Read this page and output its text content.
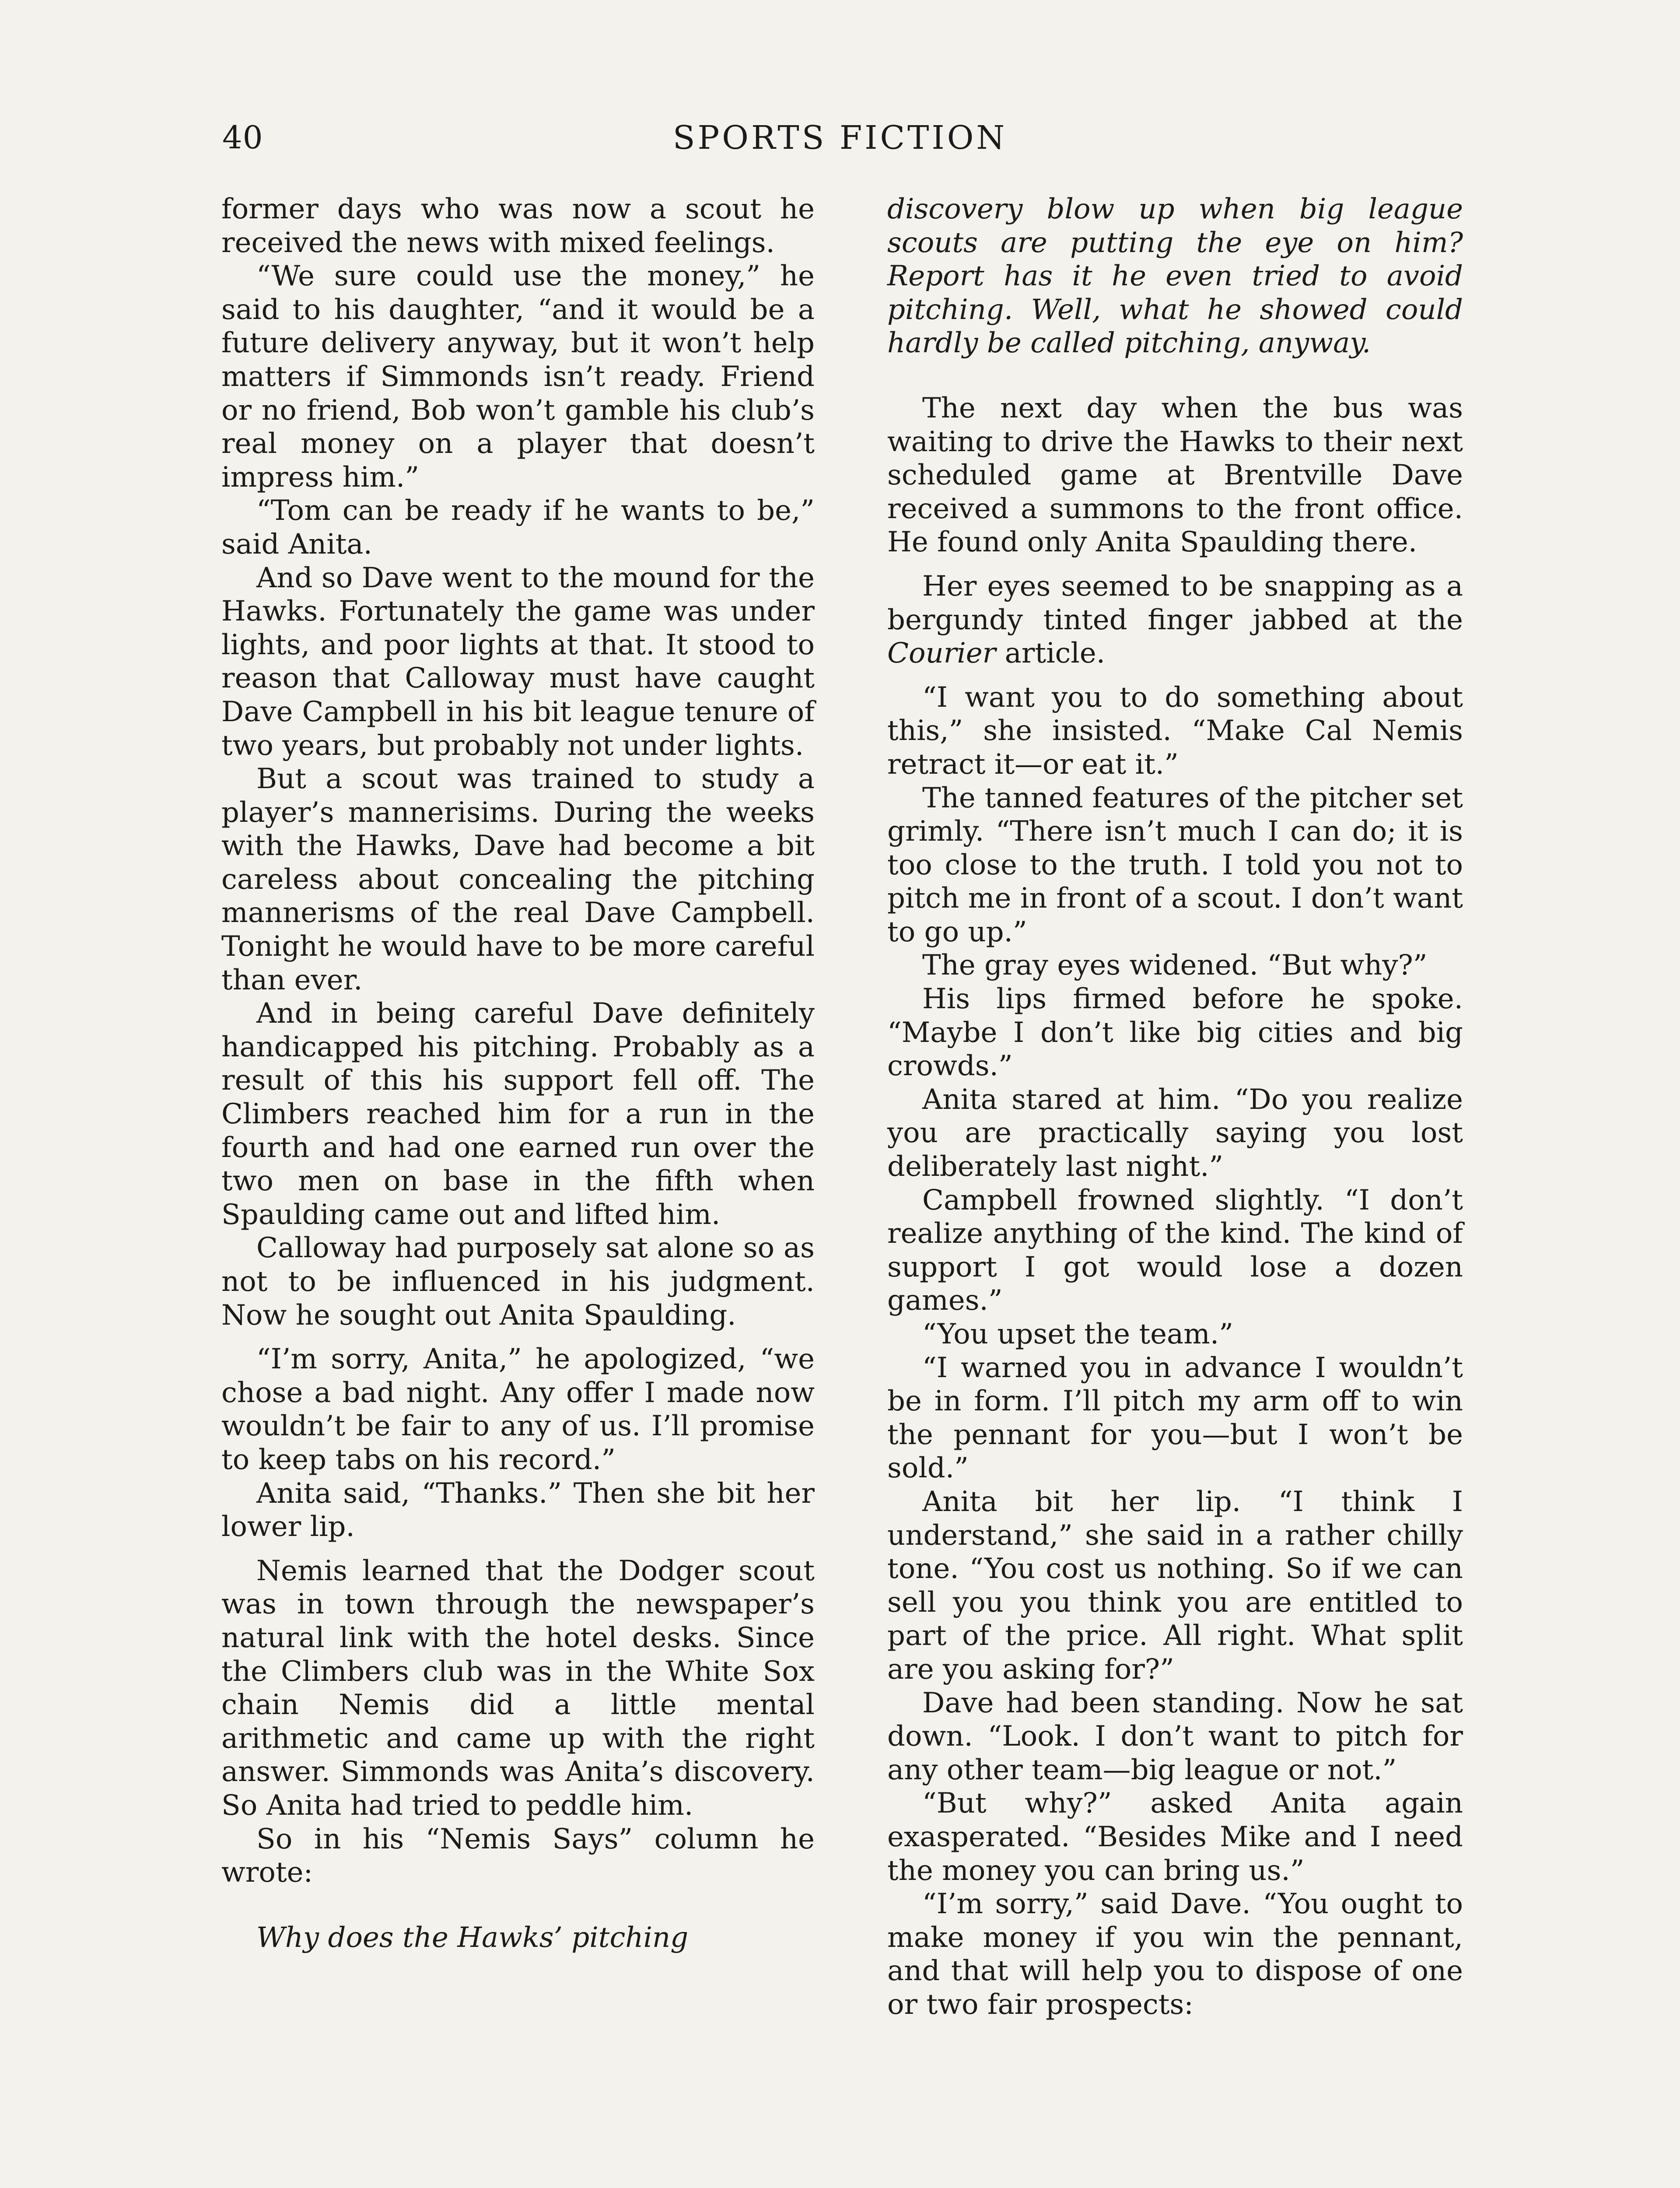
40	SPORTS FICTION

former days who was now a scout he received the news with mixed feelings.

“We sure could use the money,” he said to his daughter, “and it would be a future delivery anyway, but it won’t help matters if Simmonds isn’t ready. Friend or no friend, Bob won’t gamble his club’s real money on a player that doesn’t impress him.”

“Tom can be ready if he wants to be,” said Anita.

And so Dave went to the mound for the Hawks. Fortunately the game was under lights, and poor lights at that. It stood to reason that Calloway must have caught Dave Campbell in his bit league tenure of two years, but probably not under lights.

But a scout was trained to study a player’s mannerisims. During the weeks with the Hawks, Dave had become a bit careless about concealing the pitching mannerisms of the real Dave Campbell. Tonight he would have to be more careful than ever.

And in being careful Dave definitely handicapped his pitching. Probably as a result of this his support fell off. The Climbers reached him for a run in the fourth and had one earned run over the two men on base in the fifth when Spaulding came out and lifted him.

Calloway had purposely sat alone so as not to be influenced in his judgment. Now he sought out Anita Spaulding.

“I’m sorry, Anita,” he apologized, “we chose a bad night. Any offer I made now wouldn’t be fair to any of us. I’ll promise to keep tabs on his record.”

Anita said, “Thanks.” Then she bit her lower lip.

Nemis learned that the Dodger scout was in town through the newspaper’s natural link with the hotel desks. Since the Climbers club was in the White Sox chain Nemis did a little mental arithmetic and came up with the right answer. Simmonds was Anita’s discovery. So Anita had tried to peddle him.

So in his “Nemis Says” column he wrote:

Why does the Hawks’ pitching

discovery blow up when big league scouts are putting the eye on him? Report has it he even tried to avoid pitching. Well, what he showed could hardly be called pitching, anyway.

The next day when the bus was waiting to drive the Hawks to their next scheduled game at Brentville Dave received a summons to the front office. He found only Anita Spaulding there.

Her eyes seemed to be snapping as a bergundy tinted finger jabbed at the Courier article.

“I want you to do something about this,” she insisted. “Make Cal Nemis retract it—or eat it.”

The tanned features of the pitcher set grimly. “There isn’t much I can do; it is too close to the truth. I told you not to pitch me in front of a scout. I don’t want to go up.”

The gray eyes widened. “But why?”

His lips firmed before he spoke. “Maybe I don’t like big cities and big crowds.”

Anita stared at him. “Do you realize you are practically saying you lost deliberately last night.”

Campbell frowned slightly. “I don’t realize anything of the kind. The kind of support I got would lose a dozen games.”

“You upset the team.”

“I warned you in advance I wouldn’t be in form. I’ll pitch my arm off to win the pennant for you—but I won’t be sold.”

Anita bit her lip. “I think I understand,” she said in a rather chilly tone. “You cost us nothing. So if we can sell you you think you are entitled to part of the price. All right. What split are you asking for?”

Dave had been standing. Now he sat down. “Look. I don’t want to pitch for any other team—big league or not.”

“But why?” asked Anita again exasperated. “Besides Mike and I need the money you can bring us.”

“I’m sorry,” said Dave. “You ought to make money if you win the pennant, and that will help you to dispose of one or two fair prospects:
